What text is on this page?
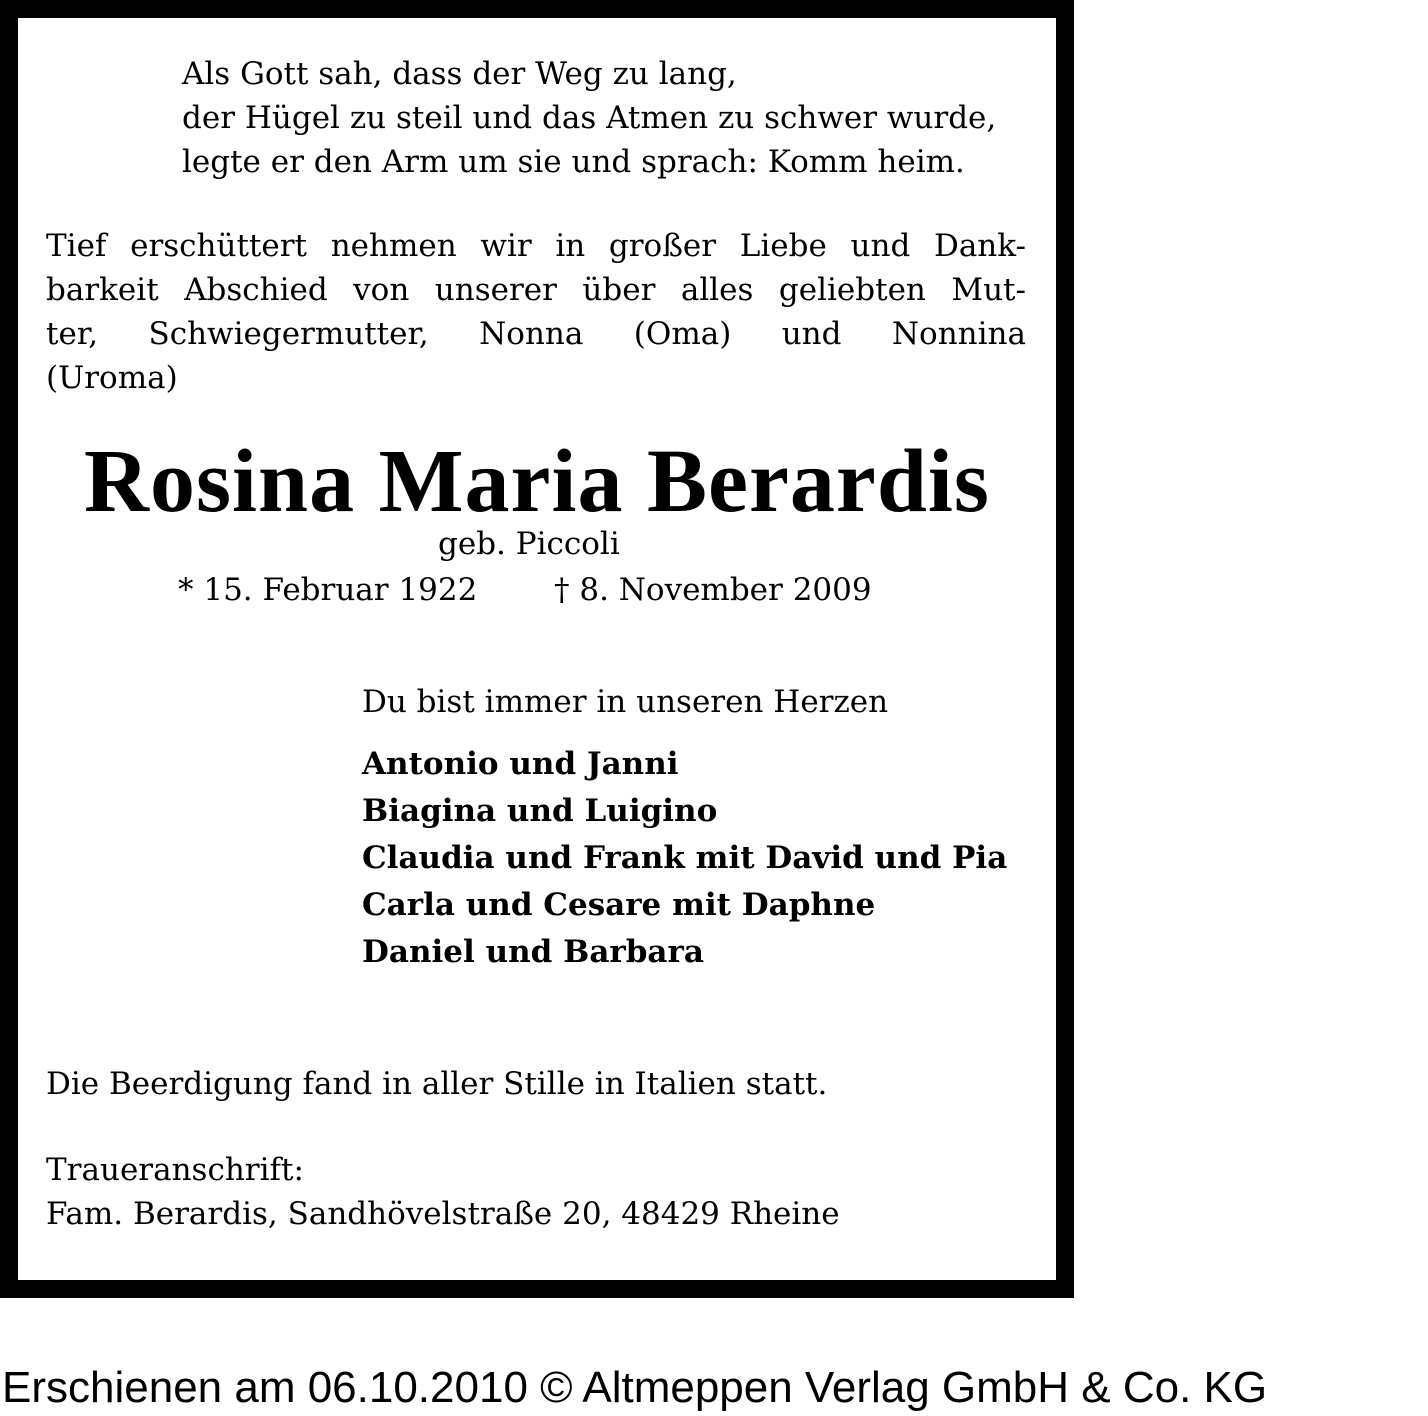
Als Gott sah, dass der Weg zu lang,
der Hügel zu steil und das Atmen zu schwer wurde,
legte er den Arm um sie und sprach: Komm heim.
Tief erschüttert nehmen wir in großer Liebe und Dank-
barkeit Abschied von unserer über alles geliebten Mut-
ter, Schwiegermutter, Nonna (Oma) und Nonnina
(Uroma)
Rosina Maria Berardis
geb. Piccoli
* 15. Februar 1922 † 8. November 2009
Du bist immer in unseren Herzen
Antonio und Janni
Biagina und Luigino
Claudia und Frank mit David und Pia
Carla und Cesare mit Daphne
Daniel und Barbara
Die Beerdigung fand in aller Stille in Italien statt.
Traueranschrift:
Fam. Berardis, Sandhövelstraße 20, 48429 Rheine
Erschienen am 06.10.2010 © Altmeppen Verlag GmbH & Co. KG
